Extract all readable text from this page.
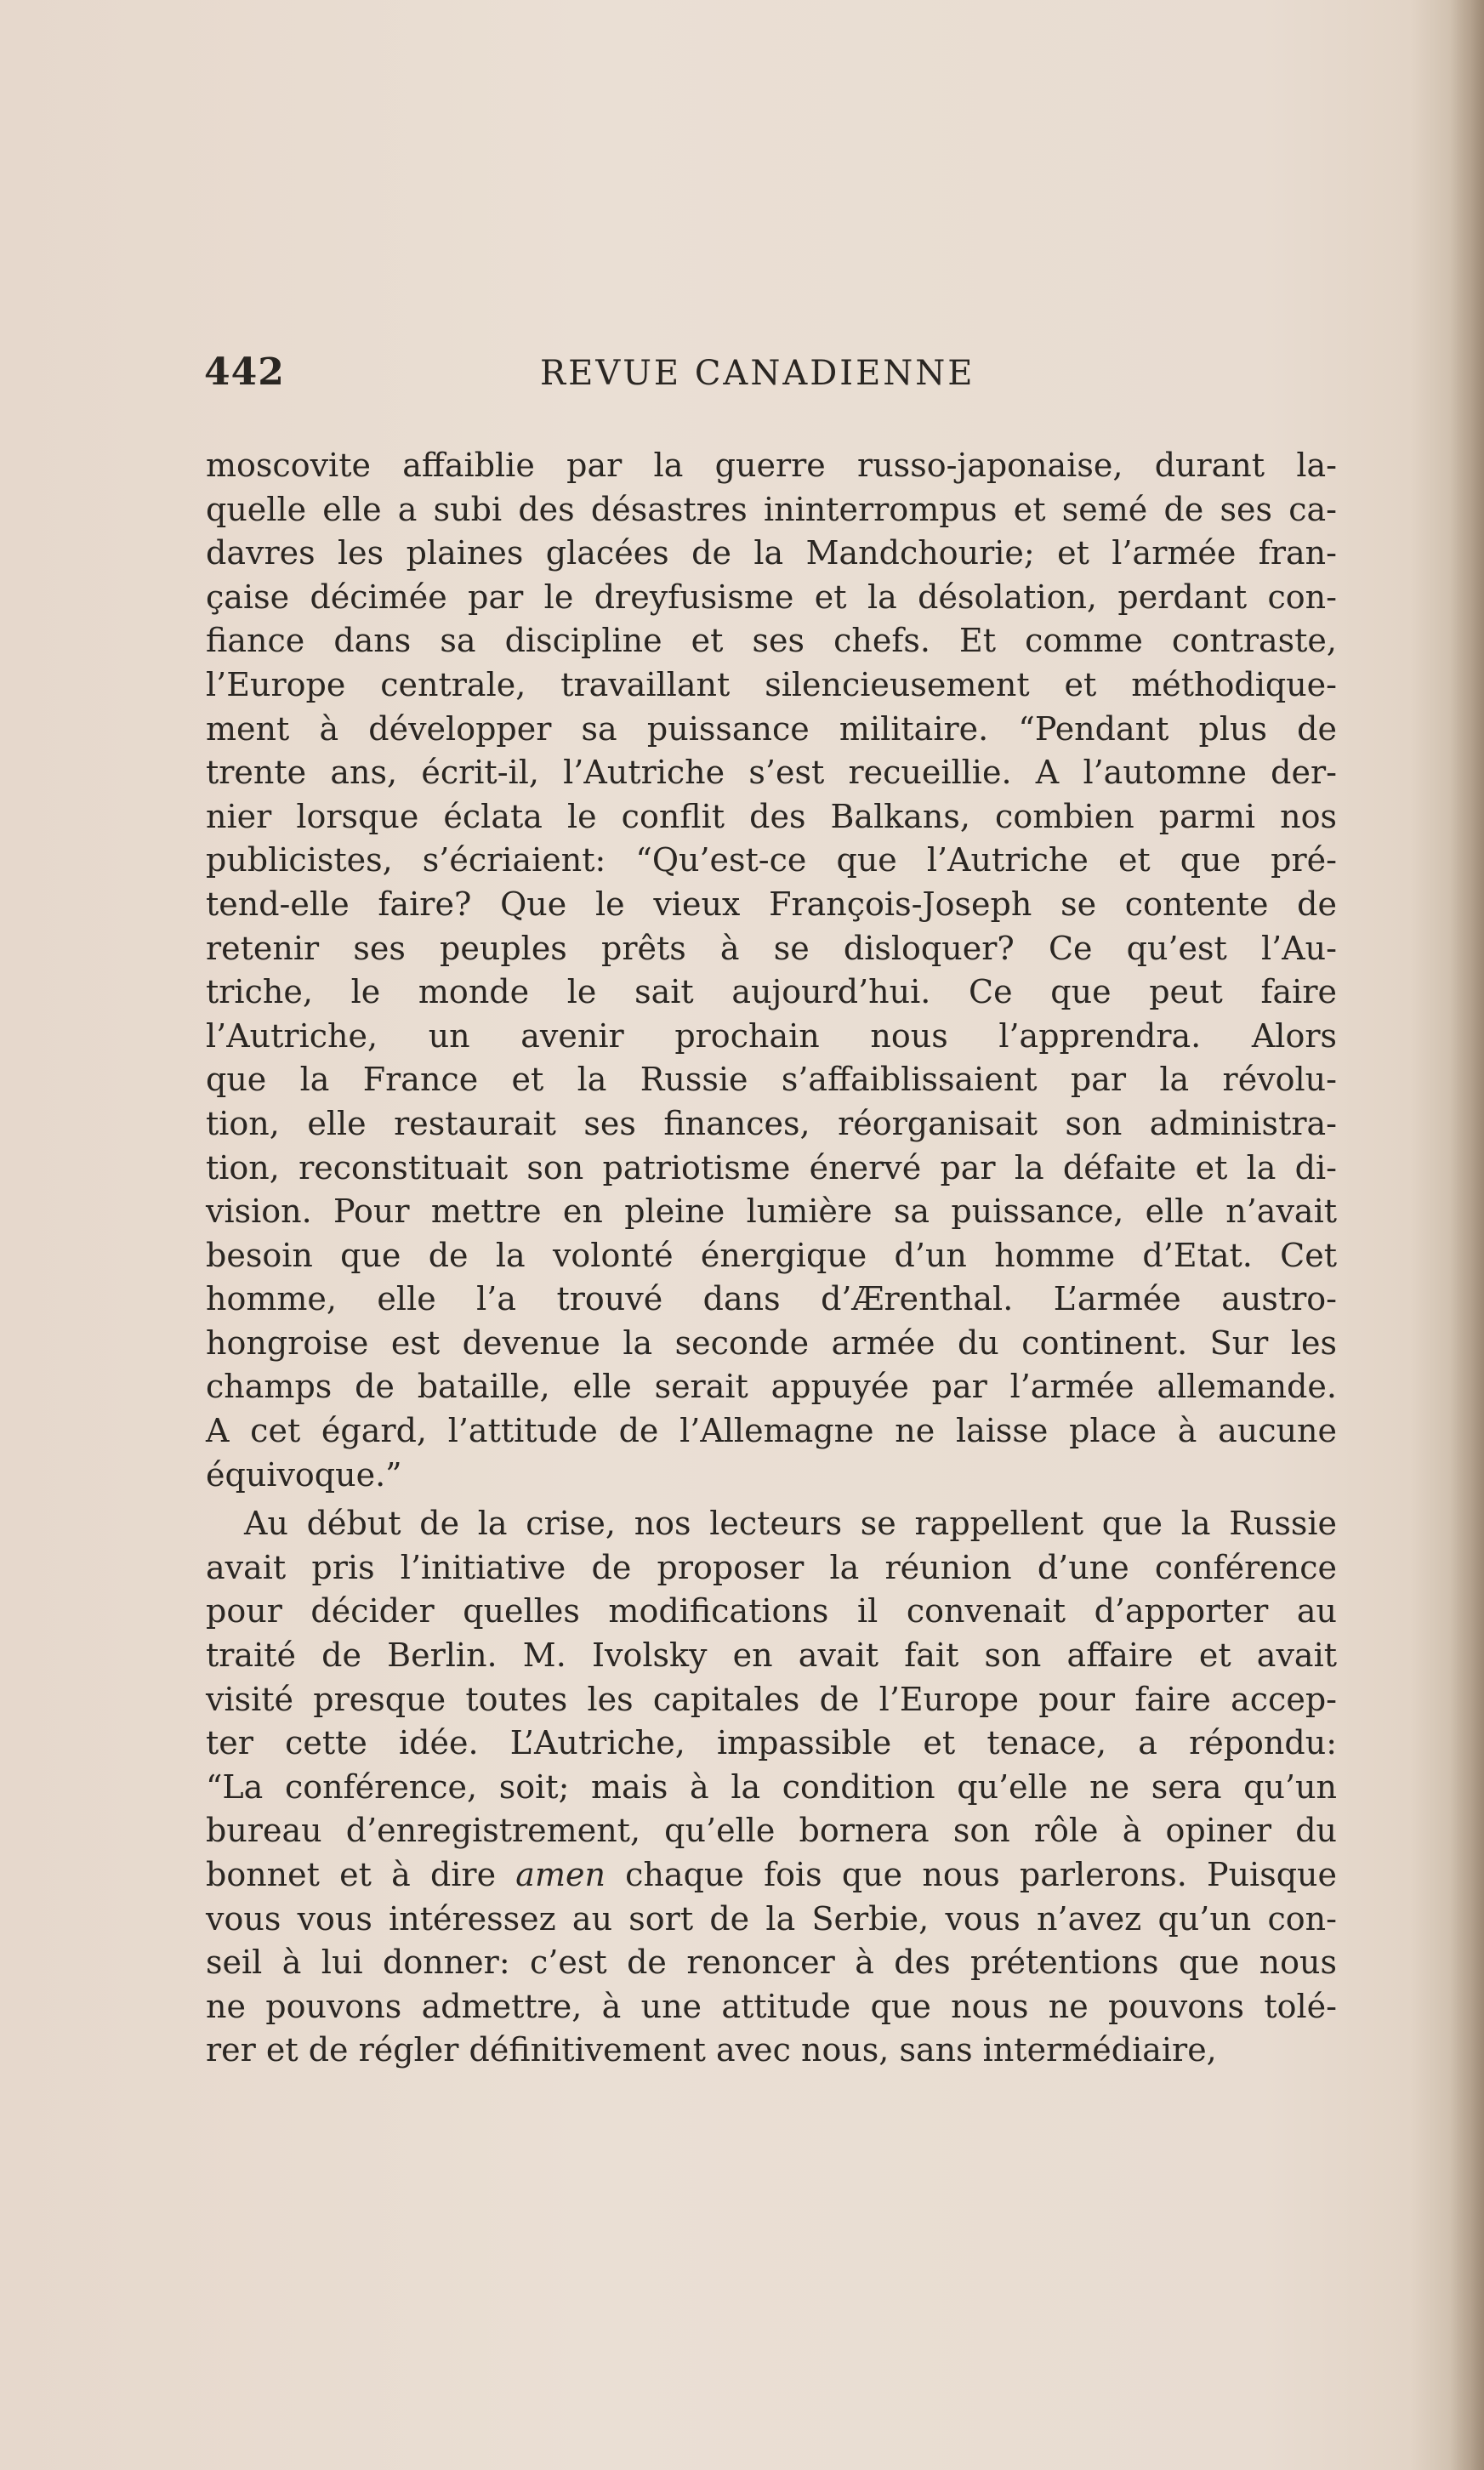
442	REVUE CANADIENNE
moscovite affaiblie par la guerre russo-japonaise, durant la-
quelle elle a subi des désastres ininterrompus et semé de ses ca-
davres les plaines glacées de la Mandchourie; et l’armée fran-
çaise décimée par le dreyfusisme et la désolation, perdant con-
fiance dans sa discipline et ses chefs. Et comme contraste,
l’Europe centrale, travaillant silencieusement et méthodique-
ment à développer sa puissance militaire. “Pendant plus de
trente ans, écrit-il, l’Autriche s’est recueillie. A l’automne der-
nier lorsque éclata le conflit des Balkans, combien parmi nos
publicistes, s’écriaient: “Qu’est-ce que l’Autriche et que pré-
tend-elle faire? Que le vieux François-Joseph se contente de
retenir ses peuples prêts à se disloquer? Ce qu’est l’Au-
triche, le monde le sait aujourd’hui. Ce que peut faire
l’Autriche, un avenir prochain nous l’apprendra. Alors
que la France et la Russie s’affaiblissaient par la révolu-
tion, elle restaurait ses finances, réorganisait son administra-
tion, reconstituait son patriotisme énervé par la défaite et la di-
vision. Pour mettre en pleine lumière sa puissance, elle n’avait
besoin que de la volonté énergique d’un homme d’Etat. Cet
homme, elle l’a trouvé dans d’Ærenthal. L’armée austro-
hongroise est devenue la seconde armée du continent. Sur les
champs de bataille, elle serait appuyée par l’armée allemande.
A cet égard, l’attitude de l’Allemagne ne laisse place à aucune
équivoque.”
Au début de la crise, nos lecteurs se rappellent que la Russie
avait pris l’initiative de proposer la réunion d’une conférence
pour décider quelles modifications il convenait d’apporter au
traité de Berlin. M. Ivolsky en avait fait son affaire et avait
visité presque toutes les capitales de l’Europe pour faire accep-
ter cette idée. L’Autriche, impassible et tenace, a répondu:
“La conférence, soit; mais à la condition qu’elle ne sera qu’un
bureau d’enregistrement, qu’elle bornera son rôle à opiner du
bonnet et à dire amen chaque fois que nous parlerons. Puisque
vous vous intéressez au sort de la Serbie, vous n’avez qu’un con-
seil à lui donner: c’est de renoncer à des prétentions que nous
ne pouvons admettre, à une attitude que nous ne pouvons tolé-
rer et de régler définitivement avec nous, sans intermédiaire,
